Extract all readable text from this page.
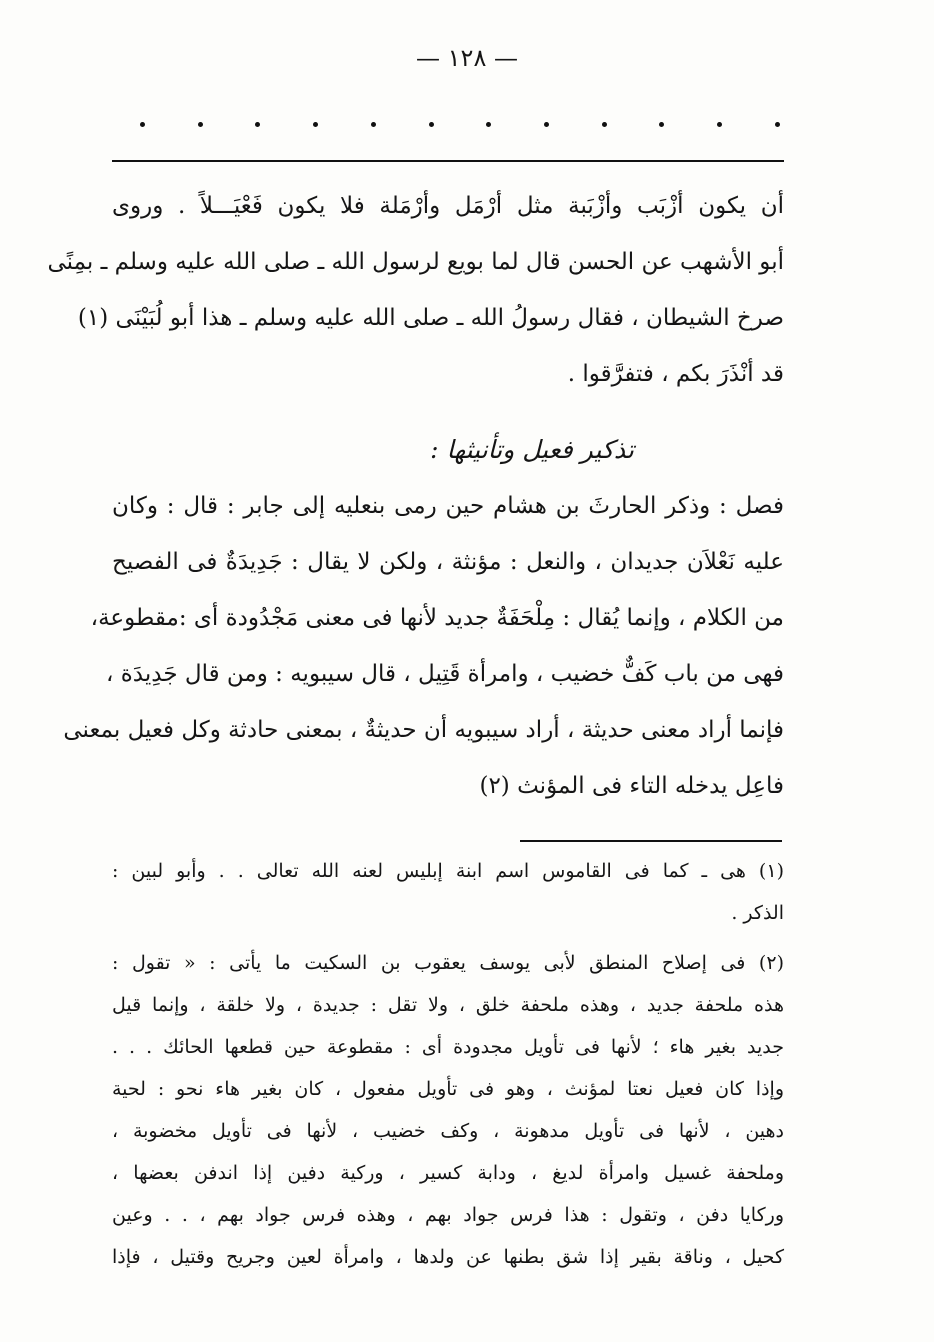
— ١٢٨ —
أن يكون أزْبَب وأزْبَبة مثل أرْمَل وأرْمَلة فلا يكون فَعْيَـــلاً . وروى
أبو الأشهب عن الحسن قال لما بويع لرسول الله ـ صلى الله عليه وسلم ـ بمِنًى
صرخ الشيطان ، فقال رسولُ الله ـ صلى الله عليه وسلم ـ هذا أبو لُبَيْنَى (١)
قد أنْذَرَ بكم ، فتفرَّقوا .
تذكير فعيل وتأنيثها :
فصل : وذكر الحارثَ بن هشام حين رمى بنعليه إلى جابر : قال : وكان
عليه نَعْلاَن جديدان ، والنعل : مؤنثة ، ولكن لا يقال : جَدِيدَةٌ فى الفصيح
من الكلام ، وإنما يُقال : مِلْحَفَةٌ جديد لأنها فى معنى مَجْدُودة أى :مقطوعة،
فهى من باب كَفٌّ خضيب ، وامرأة قَتِيل ، قال سيبويه : ومن قال جَدِيدَة ،
فإنما أراد معنى حديثة ، أراد سيبويه أن حديثةٌ ، بمعنى حادثة وكل فعيل بمعنى
فاعِل يدخله التاء فى المؤنث (٢)
(١) هى ـ كما فى القاموس اسم ابنة إبليس لعنه الله تعالى . . وأبو لبين :
الذكر .
(٢) فى إصلاح المنطق لأبى يوسف يعقوب بن السكيت ما يأتى : « تقول :
هذه ملحفة جديد ، وهذه ملحفة خلق ، ولا تقل : جديدة ، ولا خلقة ، وإنما قيل
جديد بغير هاء ؛ لأنها فى تأويل مجدودة أى : مقطوعة حين قطعها الحائك . . .
وإذا كان فعيل نعتا لمؤنث ، وهو فى تأويل مفعول ، كان بغير هاء نحو : لحية
دهين ، لأنها فى تأويل مدهونة ، وكف خضيب ، لأنها فى تأويل مخضوبة ،
وملحفة غسيل وامرأة لديغ ، ودابة كسير ، وركية دفين إذا اندفن بعضها ،
وركايا دفن ، وتقول : هذا فرس جواد بهم ، وهذه فرس جواد بهم ، . . وعين
كحيل ، وناقة بقير إذا شق بطنها عن ولدها ، وامرأة لعين وجريح وقتيل ، فإذا
